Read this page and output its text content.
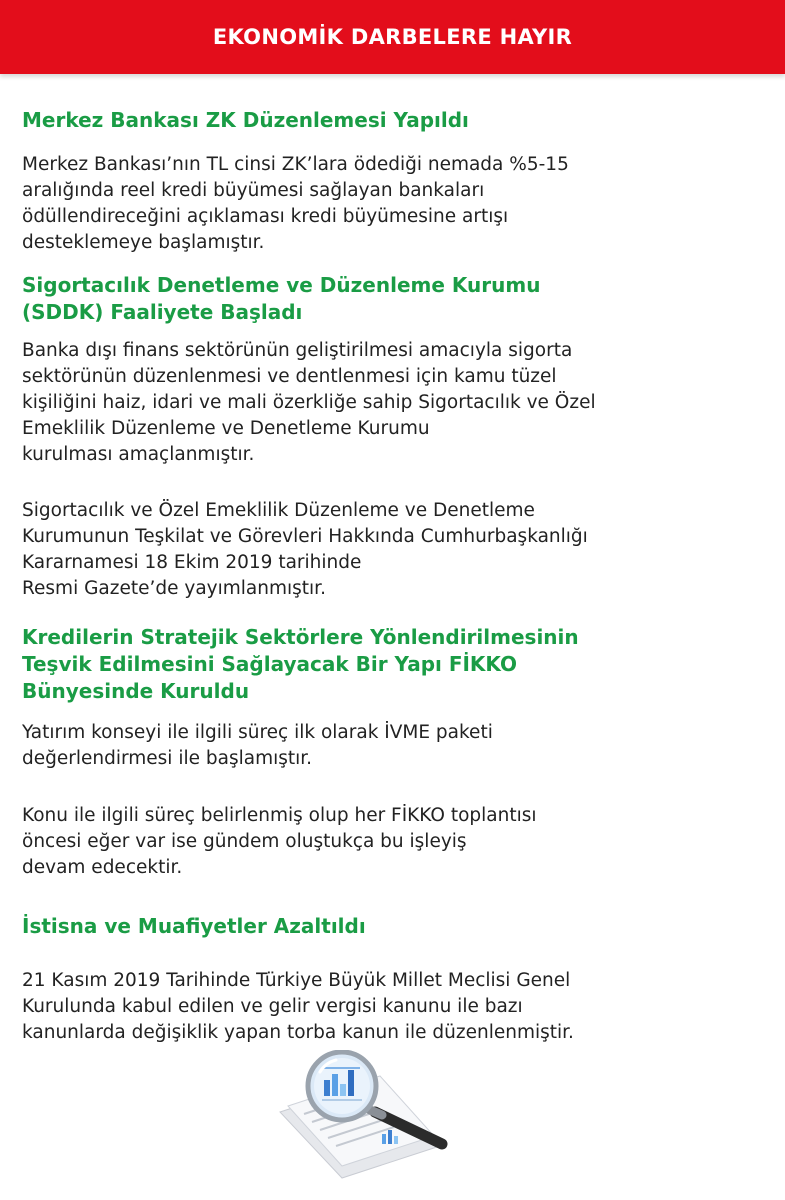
EKONOMİK DARBELERE HAYIR
Merkez Bankası ZK Düzenlemesi Yapıldı
Merkez Bankası’nın TL cinsi ZK’lara ödediği nemada %5-15
aralığında reel kredi büyümesi sağlayan bankaları
ödüllendireceğini açıklaması kredi büyümesine artışı
desteklemeye başlamıştır.
Sigortacılık Denetleme ve Düzenleme Kurumu
(SDDK) Faaliyete Başladı
Banka dışı finans sektörünün geliştirilmesi amacıyla sigorta
sektörünün düzenlenmesi ve dentlenmesi için kamu tüzel
kişiliğini haiz, idari ve mali özerkliğe sahip Sigortacılık ve Özel
Emeklilik Düzenleme ve Denetleme Kurumu
kurulması amaçlanmıştır.
Sigortacılık ve Özel Emeklilik Düzenleme ve Denetleme
Kurumunun Teşkilat ve Görevleri Hakkında Cumhurbaşkanlığı
Kararnamesi 18 Ekim 2019 tarihinde
Resmi Gazete’de yayımlanmıştır.
Kredilerin Stratejik Sektörlere Yönlendirilmesinin
Teşvik Edilmesini Sağlayacak Bir Yapı FİKKO
Bünyesinde Kuruldu
Yatırım konseyi ile ilgili süreç ilk olarak İVME paketi
değerlendirmesi ile başlamıştır.
Konu ile ilgili süreç belirlenmiş olup her FİKKO toplantısı
öncesi eğer var ise gündem oluştukça bu işleyiş
devam edecektir.
İstisna ve Muafiyetler Azaltıldı
21 Kasım 2019 Tarihinde Türkiye Büyük Millet Meclisi Genel
Kurulunda kabul edilen ve gelir vergisi kanunu ile bazı
kanunlarda değişiklik yapan torba kanun ile düzenlenmiştir.
